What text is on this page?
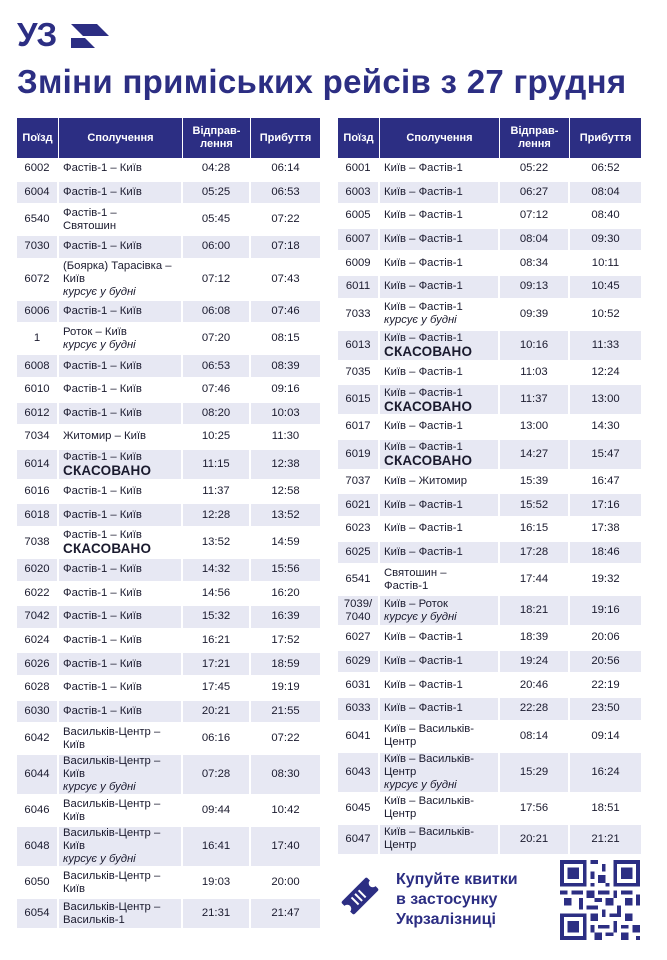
УЗ
Зміни приміських рейсів з 27 грудня
Поїзд	Сполучення	Відправ-
лення	Прибуття

6002	Фастів-1 – Київ	04:28	06:14

6004	Фастів-1 – Київ	05:25	06:53

6540	Фастів-1 –
Святошин	05:45	07:22

7030	Фастів-1 – Київ	06:00	07:18

6072	(Боярка) Тарасівка –
Київ
курсує у будні	07:12	07:43

6006	Фастів-1 – Київ	06:08	07:46

1	Роток – Київ
курсує у будні	07:20	08:15

6008	Фастів-1 – Київ	06:53	08:39

6010	Фастів-1 – Київ	07:46	09:16

6012	Фастів-1 – Київ	08:20	10:03

7034	Житомир – Київ	10:25	11:30

6014	Фастів-1 – Київ
СКАСОВАНО	11:15	12:38

6016	Фастів-1 – Київ	11:37	12:58

6018	Фастів-1 – Київ	12:28	13:52

7038	Фастів-1 – Київ
СКАСОВАНО	13:52	14:59

6020	Фастів-1 – Київ	14:32	15:56

6022	Фастів-1 – Київ	14:56	16:20

7042	Фастів-1 – Київ	15:32	16:39

6024	Фастів-1 – Київ	16:21	17:52

6026	Фастів-1 – Київ	17:21	18:59

6028	Фастів-1 – Київ	17:45	19:19

6030	Фастів-1 – Київ	20:21	21:55

6042	Васильків-Центр –
Київ	06:16	07:22

6044	Васильків-Центр –
Київ
курсує у будні	07:28	08:30

6046	Васильків-Центр –
Київ	09:44	10:42

6048	Васильків-Центр –
Київ
курсує у будні	16:41	17:40

6050	Васильків-Центр –
Київ	19:03	20:00

6054	Васильків-Центр –
Васильків-1	21:31	21:47
Поїзд	Сполучення	Відправ-
лення	Прибуття

6001	Київ – Фастів-1	05:22	06:52

6003	Київ – Фастів-1	06:27	08:04

6005	Київ – Фастів-1	07:12	08:40

6007	Київ – Фастів-1	08:04	09:30

6009	Київ – Фастів-1	08:34	10:11

6011	Київ – Фастів-1	09:13	10:45

7033	Київ – Фастів-1
курсує у будні	09:39	10:52

6013	Київ – Фастів-1
СКАСОВАНО	10:16	11:33

7035	Київ – Фастів-1	11:03	12:24

6015	Київ – Фастів-1
СКАСОВАНО	11:37	13:00

6017	Київ – Фастів-1	13:00	14:30

6019	Київ – Фастів-1
СКАСОВАНО	14:27	15:47

7037	Київ – Житомир	15:39	16:47

6021	Київ – Фастів-1	15:52	17:16

6023	Київ – Фастів-1	16:15	17:38

6025	Київ – Фастів-1	17:28	18:46

6541	Святошин –
Фастів-1	17:44	19:32

7039/
7040	Київ – Роток
курсує у будні	18:21	19:16

6027	Київ – Фастів-1	18:39	20:06

6029	Київ – Фастів-1	19:24	20:56

6031	Київ – Фастів-1	20:46	22:19

6033	Київ – Фастів-1	22:28	23:50

6041	Київ – Васильків-
Центр	08:14	09:14

6043	Київ – Васильків-
Центр
курсує у будні	15:29	16:24

6045	Київ – Васильків-
Центр	17:56	18:51

6047	Київ – Васильків-
Центр	20:21	21:21
Купуйте квитки
в застосунку
Укрзалізниці
